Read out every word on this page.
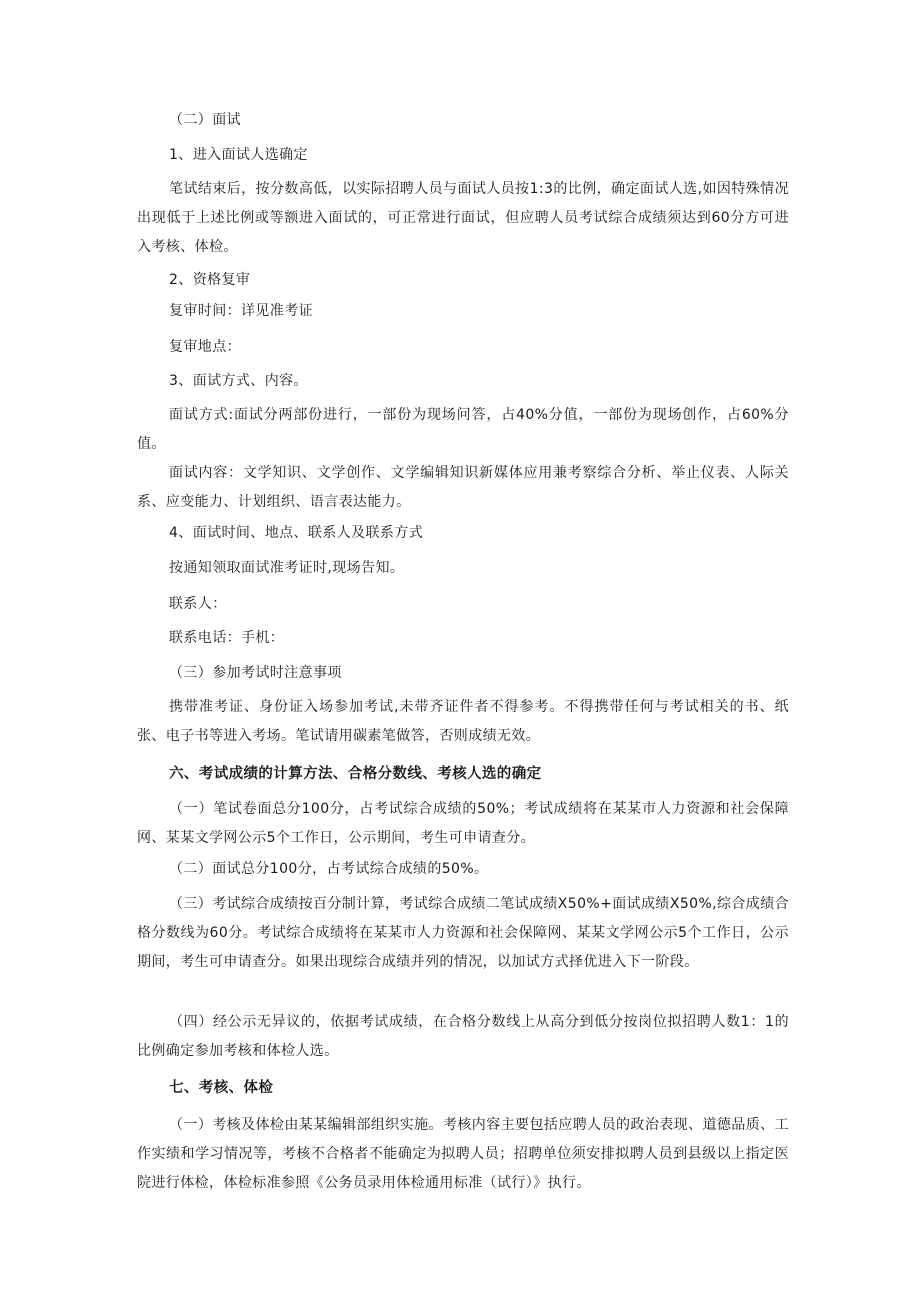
（二）面试

1、进入面试人选确定

笔试结束后，按分数高低，以实际招聘人员与面试人员按1:3的比例，确定面试人选,如因特殊情况出现低于上述比例或等额进入面试的，可正常进行面试，但应聘人员考试综合成绩须达到60分方可进入考核、体检。

2、资格复审

复审时间：详见准考证

复审地点：

3、面试方式、内容。

面试方式:面试分两部份进行，一部份为现场问答，占40%分值，一部份为现场创作，占60%分值。

面试内容：文学知识、文学创作、文学编辑知识新媒体应用兼考察综合分析、举止仪表、人际关系、应变能力、计划组织、语言表达能力。

4、面试时间、地点、联系人及联系方式

按通知领取面试准考证时,现场告知。

联系人：

联系电话：手机：

（三）参加考试时注意事项

携带准考证、身份证入场参加考试,未带齐证件者不得参考。不得携带任何与考试相关的书、纸张、电子书等进入考场。笔试请用碳素笔做答，否则成绩无效。

六、考试成绩的计算方法、合格分数线、考核人选的确定

（一）笔试卷面总分100分，占考试综合成绩的50%；考试成绩将在某某市人力资源和社会保障网、某某文学网公示5个工作日，公示期间，考生可申请查分。

（二）面试总分100分，占考试综合成绩的50%。

（三）考试综合成绩按百分制计算，考试综合成绩二笔试成绩X50%+面试成绩X50%,综合成绩合格分数线为60分。考试综合成绩将在某某市人力资源和社会保障网、某某文学网公示5个工作日，公示期间，考生可申请查分。如果出现综合成绩并列的情况，以加试方式择优进入下一阶段。

（四）经公示无异议的，依据考试成绩，在合格分数线上从高分到低分按岗位拟招聘人数1：1的比例确定参加考核和体检人选。

七、考核、体检

（一）考核及体检由某某编辑部组织实施。考核内容主要包括应聘人员的政治表现、道德品质、工作实绩和学习情况等，考核不合格者不能确定为拟聘人员；招聘单位须安排拟聘人员到县级以上指定医院进行体检，体检标准参照《公务员录用体检通用标准（试行）》执行。
